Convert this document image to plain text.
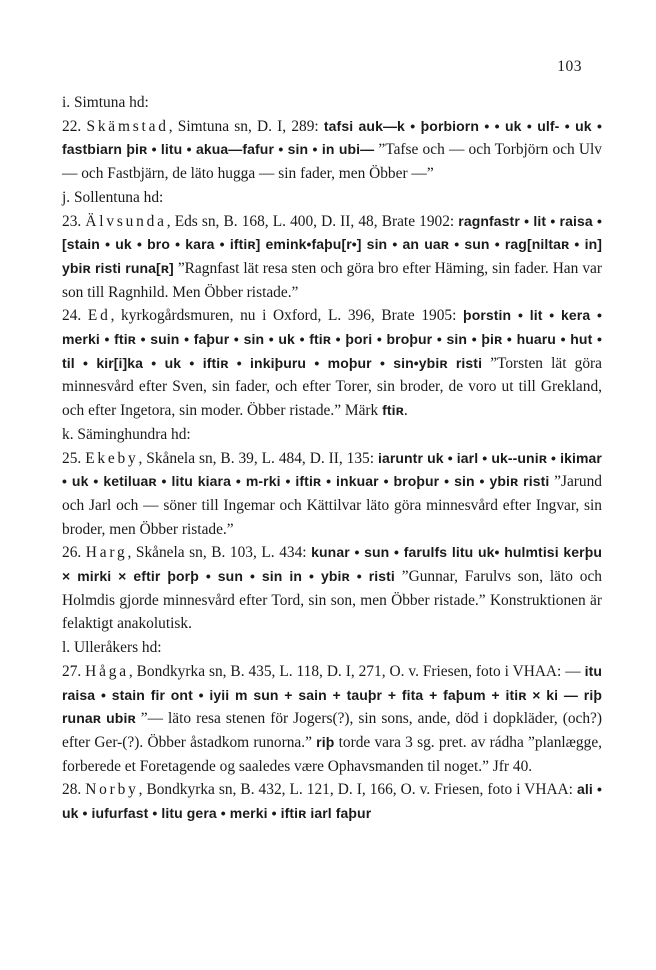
103

i. Simtuna hd:

22. Skämstad, Simtuna sn, D. I, 289: tafsi auk—k • þorbiorn • • uk • ulf- • uk • fastbiarn þiʀ • litu • akua—fafur • sin • in ubi— ”Tafse och — och Torbjörn och Ulv — och Fastbjärn, de läto hugga — sin fader, men Öbber —”

j. Sollentuna hd:

23. Älvsunda, Eds sn, B. 168, L. 400, D. II, 48, Brate 1902: ragnfastr • lit • raisa • [stain • uk • bro • kara • iftiʀ] emink•faþu[r•] sin • an uaʀ • sun • rag[niltaʀ • in] ybiʀ risti runa[ʀ] ”Ragnfast lät resa sten och göra bro efter Häming, sin fader. Han var son till Ragnhild. Men Öbber ristade.”

24. Ed, kyrkogårdsmuren, nu i Oxford, L. 396, Brate 1905: þorstin • lit • kera • merki • ftiʀ • suin • faþur • sin • uk • ftiʀ • þori • broþur • sin • þiʀ • huaru • hut • til • kir[i]ka • uk • iftiʀ • inkiþuru • moþur • sin•ybiʀ risti ”Torsten lät göra minnesvård efter Sven, sin fader, och efter Torer, sin broder, de voro ut till Grekland, och efter Ingetora, sin moder. Öbber ristade.” Märk ftiʀ.

k. Säminghundra hd:

25. Ekeby, Skånela sn, B. 39, L. 484, D. II, 135: iaruntr uk • iarl • uk--uniʀ • ikimar • uk • ketiluaʀ • litu kiara • m-rki • iftiʀ • inkuar • broþur • sin • ybiʀ risti ”Jarund och Jarl och — söner till Ingemar och Kättilvar läto göra minnesvård efter Ingvar, sin broder, men Öbber ristade.”

26. Harg, Skånela sn, B. 103, L. 434: kunar • sun • farulfs litu uk• hulmtisi kerþu × mirki × eftir þorþ • sun • sin in • ybiʀ • risti ”Gunnar, Farulvs son, läto och Holmdis gjorde minnesvård efter Tord, sin son, men Öbber ristade.” Konstruktionen är felaktigt anakolutisk.

l. Ulleråkers hd:

27. Håga, Bondkyrka sn, B. 435, L. 118, D. I, 271, O. v. Friesen, foto i VHAA: — itu raisa • stain fir ont • iyii m sun + sain + tauþr + fita + faþum + itiʀ × ki — riþ runaʀ ubiʀ ”— läto resa stenen för Jogers(?), sin sons, ande, död i dopkläder, (och?) efter Ger-(?). Öbber åstadkom runorna.” riþ torde vara 3 sg. pret. av rádha ”planlægge, forberede et Foretagende og saaledes være Ophavsmanden til noget.” Jfr 40.

28. Norby, Bondkyrka sn, B. 432, L. 121, D. I, 166, O. v. Friesen, foto i VHAA: ali • uk • iufurfast • litu gera • merki • iftiʀ iarl faþur
